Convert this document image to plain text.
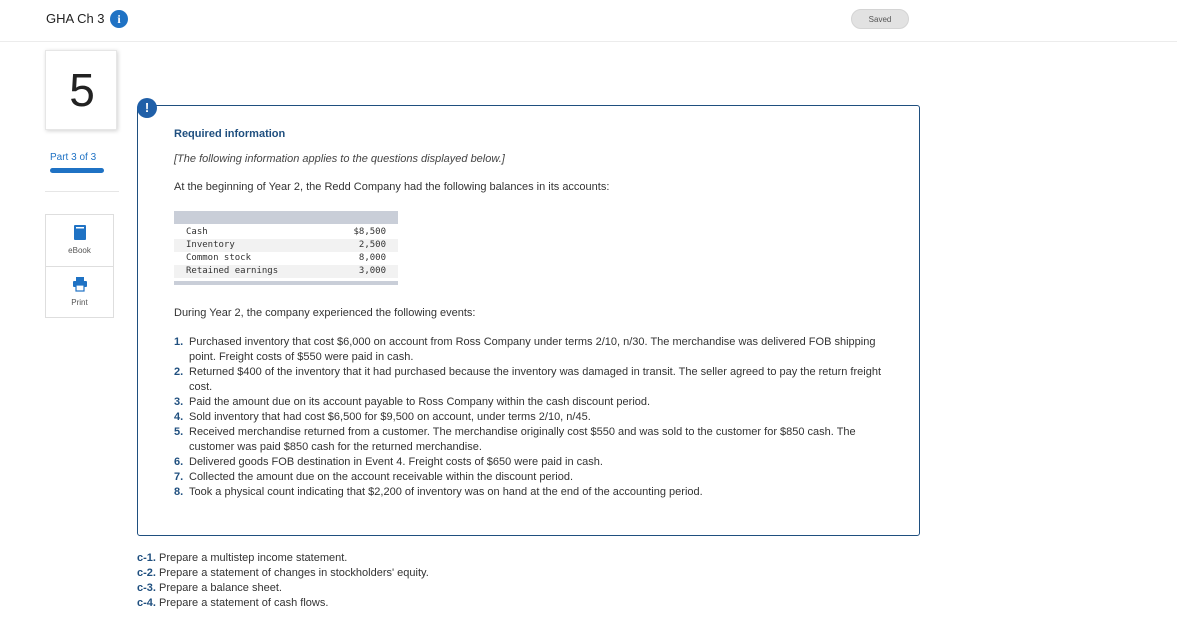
GHA Ch 3	i	Saved
5
Part 3 of 3
eBook
Print
Required information
[The following information applies to the questions displayed below.]
At the beginning of Year 2, the Redd Company had the following balances in its accounts:
Cash	$8,500
Inventory	2,500
Common stock	8,000
Retained earnings	3,000
During Year 2, the company experienced the following events:
1. Purchased inventory that cost $6,000 on account from Ross Company under terms 2/10, n/30. The merchandise was delivered FOB shipping point. Freight costs of $550 were paid in cash.
2. Returned $400 of the inventory that it had purchased because the inventory was damaged in transit. The seller agreed to pay the return freight cost.
3. Paid the amount due on its account payable to Ross Company within the cash discount period.
4. Sold inventory that had cost $6,500 for $9,500 on account, under terms 2/10, n/45.
5. Received merchandise returned from a customer. The merchandise originally cost $550 and was sold to the customer for $850 cash. The customer was paid $850 cash for the returned merchandise.
6. Delivered goods FOB destination in Event 4. Freight costs of $650 were paid in cash.
7. Collected the amount due on the account receivable within the discount period.
8. Took a physical count indicating that $2,200 of inventory was on hand at the end of the accounting period.
!
c-1. Prepare a multistep income statement.
c-2. Prepare a statement of changes in stockholders' equity.
c-3. Prepare a balance sheet.
c-4. Prepare a statement of cash flows.
